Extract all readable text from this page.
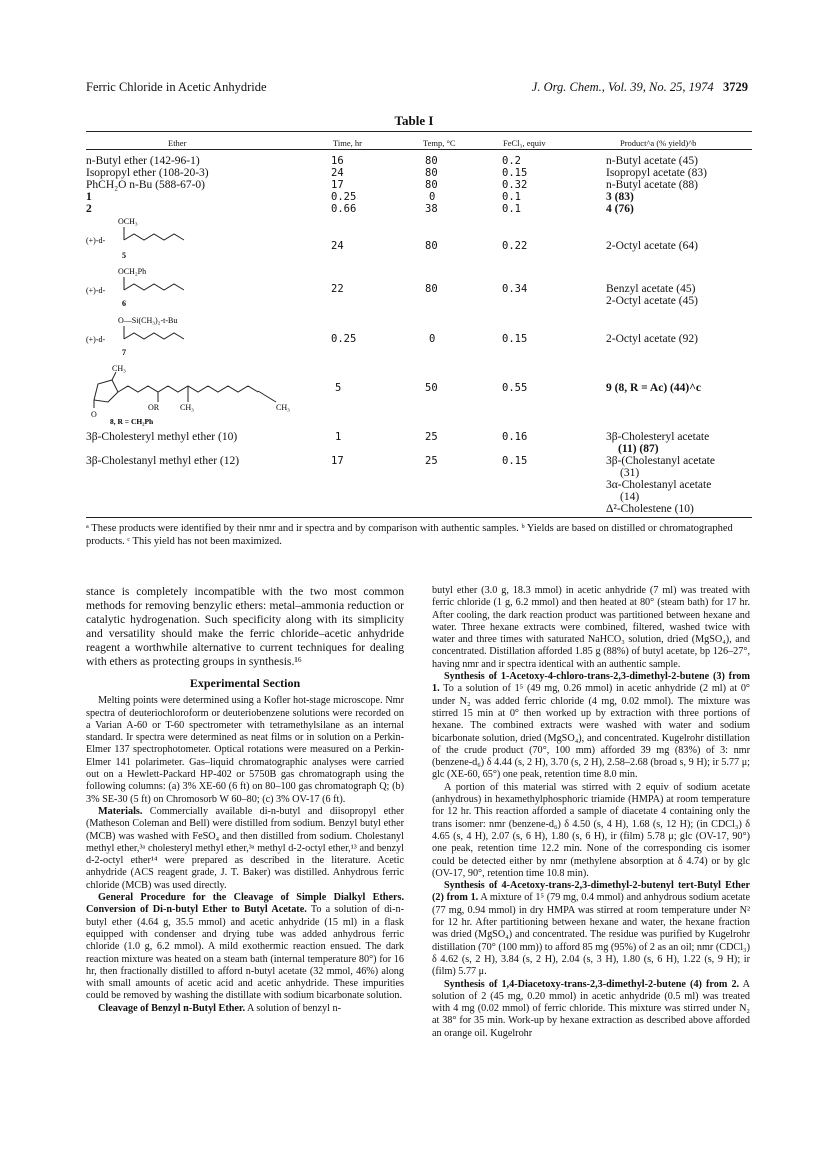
Ferric Chloride in Acetic Anhydride	J. Org. Chem., Vol. 39, No. 25, 1974 3729
Table I
Ether	Time, hr	Temp, °C	FeCl₃, equiv	Product^a (% yield)^b
n-Butyl ether (142-96-1)	16	80	0.2	n-Butyl acetate (45)
Isopropyl ether (108-20-3)	24	80	0.15	Isopropyl acetate (83)
PhCH₂O n-Bu (588-67-0)	17	80	0.32	n-Butyl acetate (88)
1	0.25	0	0.1	3 (83)
2	0.66	38	0.1	4 (76)
OCH₃
(+)-d-
5
24	80	0.22	2-Octyl acetate (64)
OCH₂Ph
(+)-d-
6
22	80	0.34	Benzyl acetate (45)
2-Octyl acetate (45)
O—Si(CH₃)₂-t-Bu
(+)-d-
7
0.25	0	0.15	2-Octyl acetate (92)
CH₃
O
OR	CH₃	CH₃
8, R = CH₂Ph
5	50	0.55	9 (8, R = Ac) (44)^c
3β-Cholesteryl methyl ether (10)	1	25	0.16	3β-Cholesteryl acetate
(11) (87)
3β-Cholestanyl methyl ether (12)	17	25	0.15	3β-(Cholestanyl acetate
(31)
3α-Cholestanyl acetate
(14)
Δ²-Cholestene (10)
ᵃ These products were identified by their nmr and ir spectra and by comparison with authentic samples. ᵇ Yields are based on distilled or chromatographed products. ᶜ This yield has not been maximized.

stance is completely incompatible with the two most common methods for removing benzylic ethers: metal–ammonia reduction or catalytic hydrogenation. Such specificity along with its simplicity and versatility should make the ferric chloride–acetic anhydride reagent a worthwhile alternative to current techniques for dealing with ethers as protecting groups in synthesis.¹⁶

Experimental Section

Melting points were determined using a Kofler hot-stage microscope. Nmr spectra of deuteriochloroform or deuteriobenzene solutions were recorded on a Varian A-60 or T-60 spectrometer with tetramethylsilane as an internal standard. Ir spectra were determined as neat films or in solution on a Perkin-Elmer 137 spectrophotometer. Optical rotations were measured on a Perkin-Elmer 141 polarimeter. Gas–liquid chromatographic analyses were carried out on a Hewlett-Packard HP-402 or 5750B gas chromatograph using the following columns: (a) 3% XE-60 (6 ft) on 80–100 gas chromatograph Q; (b) 3% SE-30 (5 ft) on Chromosorb W 60–80; (c) 3% OV-17 (6 ft).

Materials. Commercially available di-n-butyl and diisopropyl ether (Matheson Coleman and Bell) were distilled from sodium. Benzyl butyl ether (MCB) was washed with FeSO₄ and then distilled from sodium. Cholestanyl methyl ether,³ᵃ cholesteryl methyl ether,³ᵃ methyl d-2-octyl ether,¹³ and benzyl d-2-octyl ether¹⁴ were prepared as described in the literature. Acetic anhydride (ACS reagent grade, J. T. Baker) was distilled. Anhydrous ferric chloride (MCB) was used directly.

General Procedure for the Cleavage of Simple Dialkyl Ethers. Conversion of Di-n-butyl Ether to Butyl Acetate. To a solution of di-n-butyl ether (4.64 g, 35.5 mmol) and acetic anhydride (15 ml) in a flask equipped with condenser and drying tube was added anhydrous ferric chloride (1.0 g, 6.2 mmol). A mild exothermic reaction ensued. The dark reaction mixture was heated on a steam bath (internal temperature 80°) for 16 hr, then fractionally distilled to afford n-butyl acetate (32 mmol, 46%) along with small amounts of acetic acid and acetic anhydride. These impurities could be removed by washing the distillate with sodium bicarbonate solution.

Cleavage of Benzyl n-Butyl Ether. A solution of benzyl n-

butyl ether (3.0 g, 18.3 mmol) in acetic anhydride (7 ml) was treated with ferric chloride (1 g, 6.2 mmol) and then heated at 80° (steam bath) for 17 hr. After cooling, the dark reaction product was partitioned between hexane and water. Three hexane extracts were combined, filtered, washed twice with water and three times with saturated NaHCO₃ solution, dried (MgSO₄), and concentrated. Distillation afforded 1.85 g (88%) of butyl acetate, bp 126–27°, having nmr and ir spectra identical with an authentic sample.

Synthesis of 1-Acetoxy-4-chloro-trans-2,3-dimethyl-2-butene (3) from 1. To a solution of 1⁵ (49 mg, 0.26 mmol) in acetic anhydride (2 ml) at 0° under N₂ was added ferric chloride (4 mg, 0.02 mmol). The mixture was stirred 15 min at 0° then worked up by extraction with three portions of hexane. The combined extracts were washed with water and sodium bicarbonate solution, dried (MgSO₄), and concentrated. Kugelrohr distillation of the crude product (70°, 100 mm) afforded 39 mg (83%) of 3: nmr (benzene-d₆) δ 4.44 (s, 2 H), 3.70 (s, 2 H), 2.58–2.68 (broad s, 9 H); ir 5.77 μ; glc (XE-60, 65°) one peak, retention time 8.0 min.

A portion of this material was stirred with 2 equiv of sodium acetate (anhydrous) in hexamethylphosphoric triamide (HMPA) at room temperature for 12 hr. This reaction afforded a sample of diacetate 4 containing only the trans isomer: nmr (benzene-d₆) δ 4.50 (s, 4 H), 1.68 (s, 12 H); (in CDCl₃) δ 4.65 (s, 4 H), 2.07 (s, 6 H), 1.80 (s, 6 H), ir (film) 5.78 μ; glc (OV-17, 90°) one peak, retention time 12.2 min. None of the corresponding cis isomer could be detected either by nmr (methylene absorption at δ 4.74) or by glc (OV-17, 90°, retention time 10.8 min).

Synthesis of 4-Acetoxy-trans-2,3-dimethyl-2-butenyl tert-Butyl Ether (2) from 1. A mixture of 1⁵ (79 mg, 0.4 mmol) and anhydrous sodium acetate (77 mg, 0.94 mmol) in dry HMPA was stirred at room temperature under N² for 12 hr. After partitioning between hexane and water, the hexane fraction was dried (MgSO₄) and concentrated. The residue was purified by Kugelrohr distillation (70° (100 mm)) to afford 85 mg (95%) of 2 as an oil; nmr (CDCl₃) δ 4.62 (s, 2 H), 3.84 (s, 2 H), 2.04 (s, 3 H), 1.80 (s, 6 H), 1.22 (s, 9 H); ir (film) 5.77 μ.

Synthesis of 1,4-Diacetoxy-trans-2,3-dimethyl-2-butene (4) from 2. A solution of 2 (45 mg, 0.20 mmol) in acetic anhydride (0.5 ml) was treated with 4 mg (0.02 mmol) of ferric chloride. This mixture was stirred under N₂ at 38° for 35 min. Work-up by hexane extraction as described above afforded an orange oil. Kugelrohr
